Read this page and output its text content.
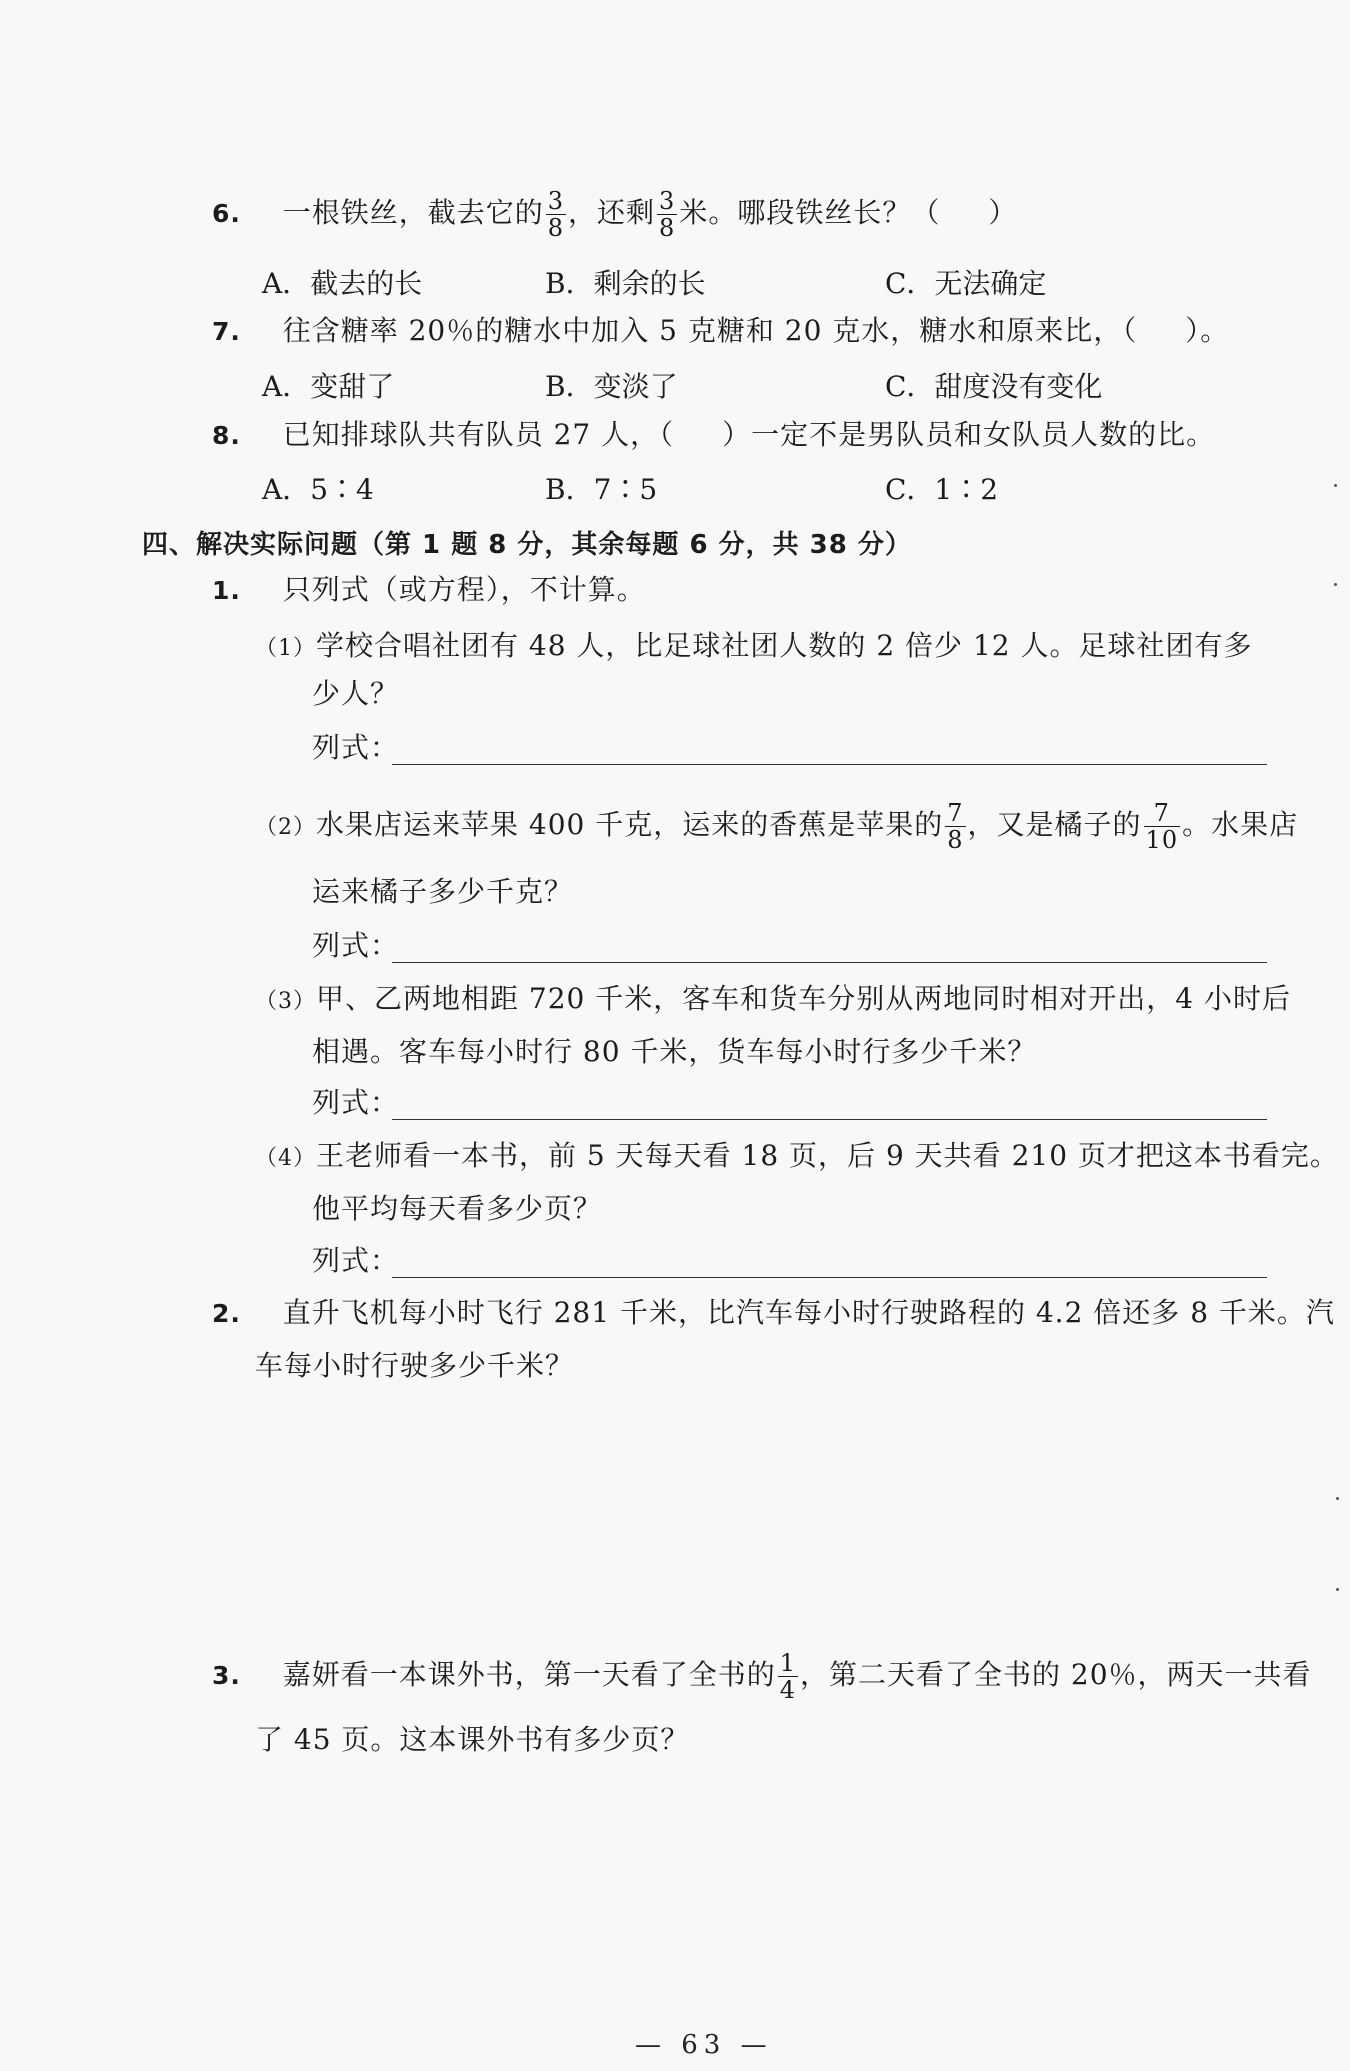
6. 一根铁丝，截去它的 $\frac{3}{8}$ ，还剩 $\frac{3}{8}$ 米。哪段铁丝长？（ ）
A．截去的长	B．剩余的长	C．无法确定
7. 往含糖率 20％的糖水中加入 5 克糖和 20 克水，糖水和原来比，（ ）。
A．变甜了	B．变淡了	C．甜度没有变化
8. 已知排球队共有队员 27 人，（ ）一定不是男队员和女队员人数的比。
A．5∶4	B．7∶5	C．1∶2
四、解决实际问题（第 1 题 8 分，其余每题 6 分，共 38 分）
1. 只列式（或方程），不计算。
（1）学校合唱社团有 48 人，比足球社团人数的 2 倍少 12 人。足球社团有多
少人？
列式：
（2）水果店运来苹果 400 千克，运来的香蕉是苹果的 $\frac{7}{8}$ ，又是橘子的 $\frac{7}{10}$ 。水果店
运来橘子多少千克？
列式：
（3）甲、乙两地相距 720 千米，客车和货车分别从两地同时相对开出，4 小时后
相遇。客车每小时行 80 千米，货车每小时行多少千米？
列式：
（4）王老师看一本书，前 5 天每天看 18 页，后 9 天共看 210 页才把这本书看完。
他平均每天看多少页？
列式：
2. 直升飞机每小时飞行 281 千米，比汽车每小时行驶路程的 4.2 倍还多 8 千米。汽
车每小时行驶多少千米？
3. 嘉妍看一本课外书，第一天看了全书的 $\frac{1}{4}$ ，第二天看了全书的 20％，两天一共看
了 45 页。这本课外书有多少页？
— 63 —
